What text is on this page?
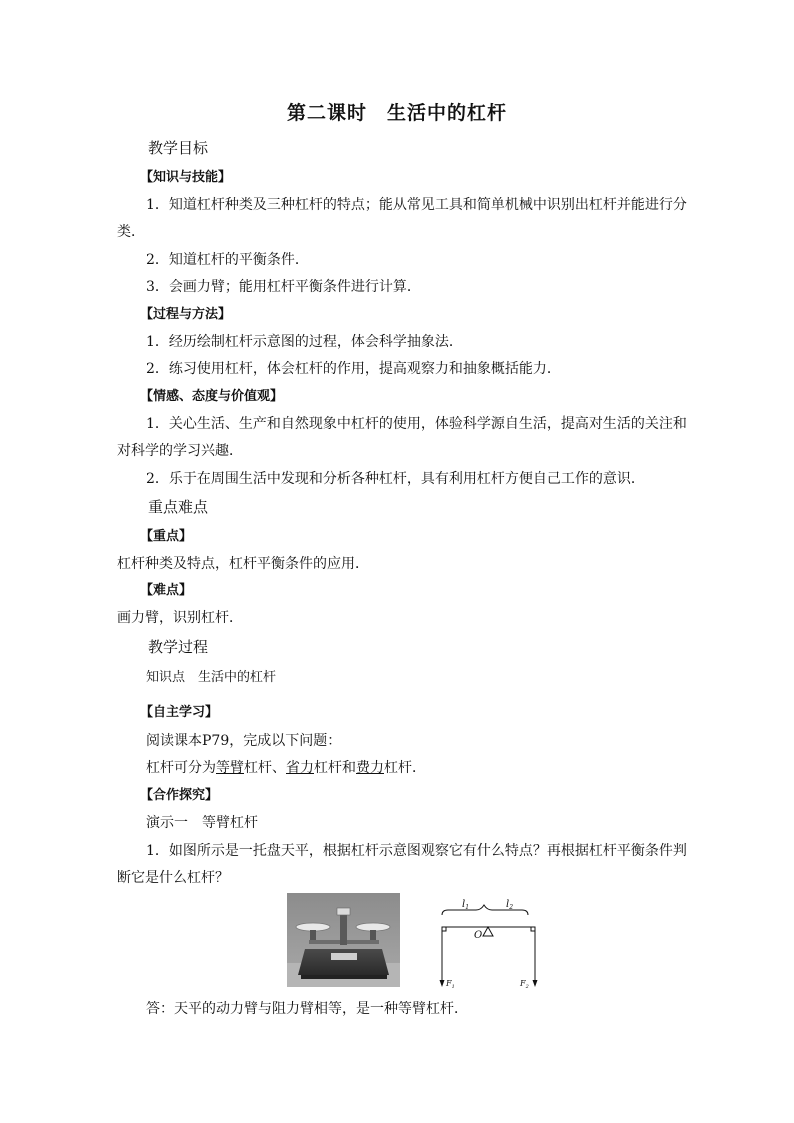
第二课时　生活中的杠杆
教学目标
【知识与技能】
1．知道杠杆种类及三种杠杆的特点；能从常见工具和简单机械中识别出杠杆并能进行分
类．
2．知道杠杆的平衡条件．
3．会画力臂；能用杠杆平衡条件进行计算．
【过程与方法】
1．经历绘制杠杆示意图的过程，体会科学抽象法．
2．练习使用杠杆，体会杠杆的作用，提高观察力和抽象概括能力．
【情感、态度与价值观】
1．关心生活、生产和自然现象中杠杆的使用，体验科学源自生活，提高对生活的关注和
对科学的学习兴趣．
2．乐于在周围生活中发现和分析各种杠杆，具有利用杠杆方便自己工作的意识．
重点难点
【重点】
杠杆种类及特点，杠杆平衡条件的应用．
【难点】
画力臂，识别杠杆．
教学过程
知识点　生活中的杠杆
【自主学习】
阅读课本P79，完成以下问题：
杠杆可分为等臂杠杆、省力杠杆和费力杠杆．
【合作探究】
演示一　等臂杠杆
1．如图所示是一托盘天平，根据杠杆示意图观察它有什么特点？再根据杠杆平衡条件判
断它是什么杠杆？
$l_1$	$l_2$
O
$F_1$	$F_2$
答：天平的动力臂与阻力臂相等，是一种等臂杠杆．
